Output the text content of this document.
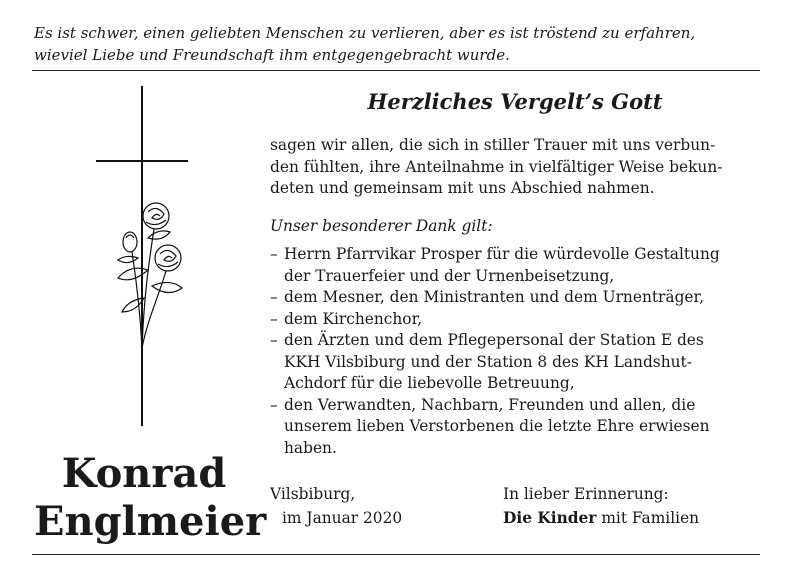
Es ist schwer, einen geliebten Menschen zu verlieren, aber es ist tröstend zu erfahren,
wieviel Liebe und Freundschaft ihm entgegengebracht wurde.

Konrad
Englmeier
Herzliches Vergelt’s Gott

sagen wir allen, die sich in stiller Trauer mit uns verbun-
den fühlten, ihre Anteilnahme in vielfältiger Weise bekun-
deten und gemeinsam mit uns Abschied nahmen.

Unser besonderer Dank gilt:

– Herrn Pfarrvikar Prosper für die würdevolle Gestaltung
der Trauerfeier und der Urnenbeisetzung,
– dem Mesner, den Ministranten und dem Urnenträger,
– dem Kirchenchor,
– den Ärzten und dem Pflegepersonal der Station E des
KKH Vilsbiburg und der Station 8 des KH Landshut-
Achdorf für die liebevolle Betreuung,
– den Verwandten, Nachbarn, Freunden und allen, die
unserem lieben Verstorbenen die letzte Ehre erwiesen
haben.
Vilsbiburg,
im Januar 2020
In lieber Erinnerung:
Die Kinder mit Familien
